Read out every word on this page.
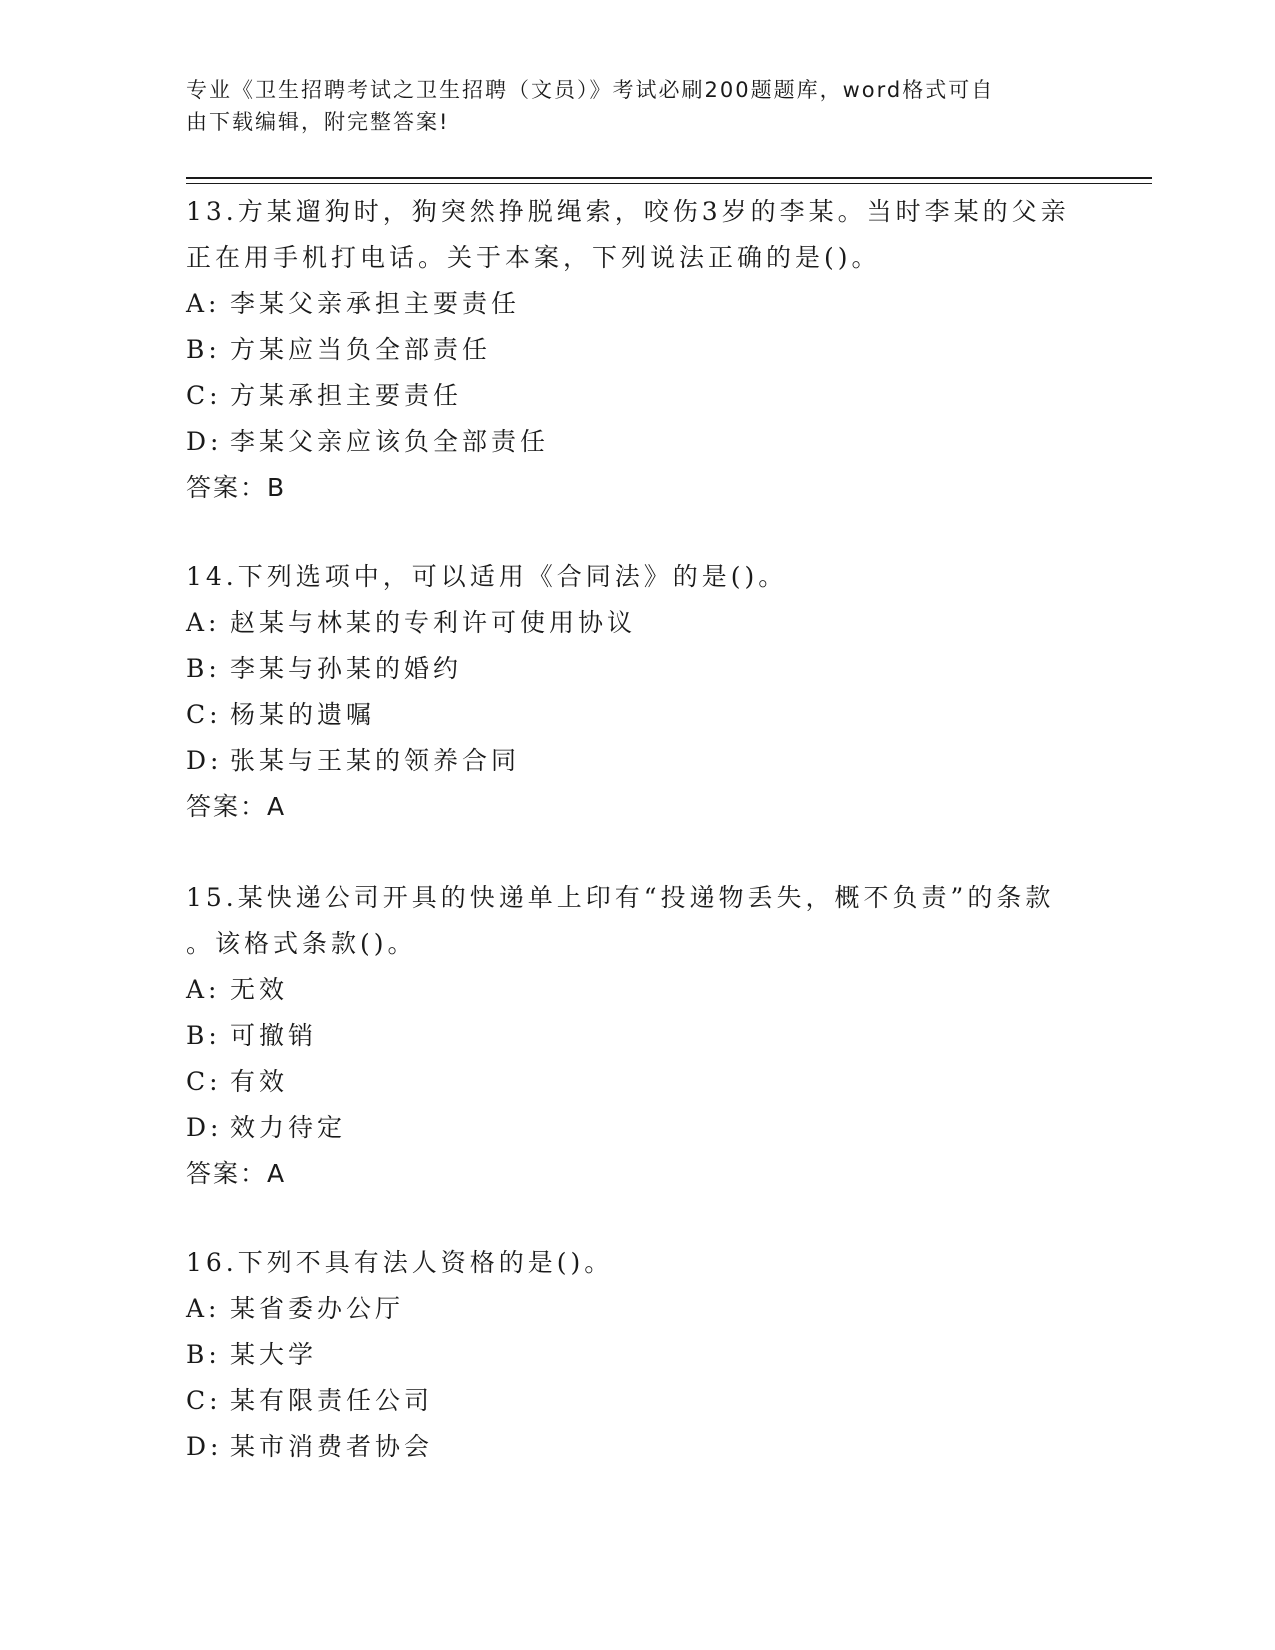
专业《卫生招聘考试之卫生招聘（文员）》考试必刷200题题库，word格式可自
由下载编辑，附完整答案!
13.方某遛狗时，狗突然挣脱绳索，咬伤3岁的李某。当时李某的父亲
正在用手机打电话。关于本案，下列说法正确的是()。
A: 李某父亲承担主要责任
B: 方某应当负全部责任
C: 方某承担主要责任
D: 李某父亲应该负全部责任
答案：B
14.下列选项中，可以适用《合同法》的是()。
A: 赵某与林某的专利许可使用协议
B: 李某与孙某的婚约
C: 杨某的遗嘱
D: 张某与王某的领养合同
答案：A
15.某快递公司开具的快递单上印有“投递物丢失，概不负责”的条款
。该格式条款()。
A: 无效
B: 可撤销
C: 有效
D: 效力待定
答案：A
16.下列不具有法人资格的是()。
A: 某省委办公厅
B: 某大学
C: 某有限责任公司
D: 某市消费者协会
